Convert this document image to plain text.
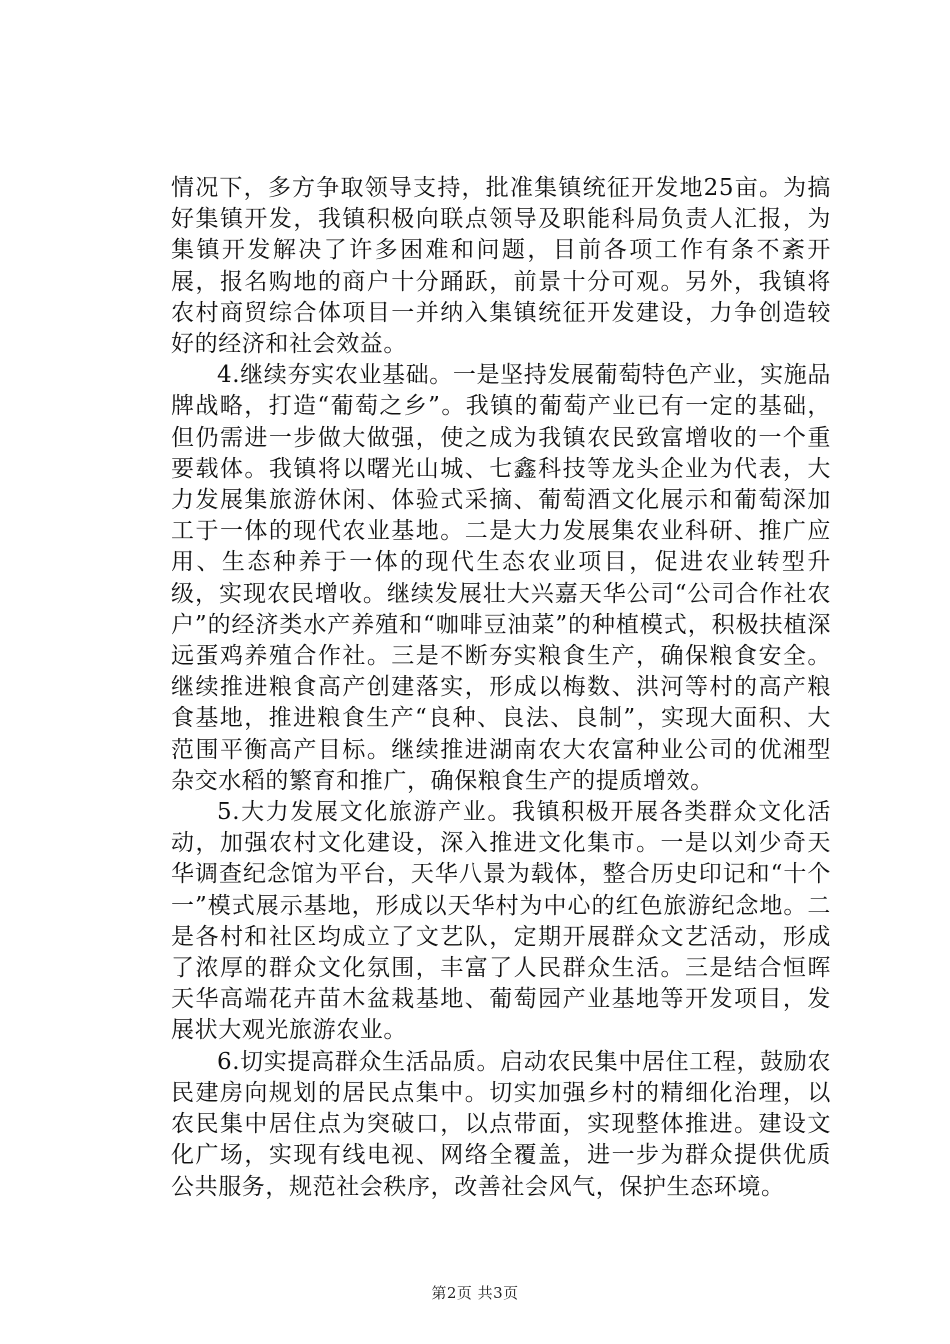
情况下，多方争取领导支持，批准集镇统征开发地25亩。为搞好集镇开发，我镇积极向联点领导及职能科局负责人汇报，为集镇开发解决了许多困难和问题，目前各项工作有条不紊开展，报名购地的商户十分踊跃，前景十分可观。另外，我镇将农村商贸综合体项目一并纳入集镇统征开发建设，力争创造较好的经济和社会效益。

4.继续夯实农业基础。一是坚持发展葡萄特色产业，实施品牌战略，打造“葡萄之乡”。我镇的葡萄产业已有一定的基础，但仍需进一步做大做强，使之成为我镇农民致富增收的一个重要载体。我镇将以曙光山城、七鑫科技等龙头企业为代表，大力发展集旅游休闲、体验式采摘、葡萄酒文化展示和葡萄深加工于一体的现代农业基地。二是大力发展集农业科研、推广应用、生态种养于一体的现代生态农业项目，促进农业转型升级，实现农民增收。继续发展壮大兴嘉天华公司“公司合作社农户”的经济类水产养殖和“咖啡豆油菜”的种植模式，积极扶植深远蛋鸡养殖合作社。三是不断夯实粮食生产，确保粮食安全。继续推进粮食高产创建落实，形成以梅数、洪河等村的高产粮食基地，推进粮食生产“良种、良法、良制”，实现大面积、大范围平衡高产目标。继续推进湖南农大农富种业公司的优湘型杂交水稻的繁育和推广，确保粮食生产的提质增效。

5.大力发展文化旅游产业。我镇积极开展各类群众文化活动，加强农村文化建设，深入推进文化集市。一是以刘少奇天华调查纪念馆为平台，天华八景为载体，整合历史印记和“十个一”模式展示基地，形成以天华村为中心的红色旅游纪念地。二是各村和社区均成立了文艺队，定期开展群众文艺活动，形成了浓厚的群众文化氛围，丰富了人民群众生活。三是结合恒晖天华高端花卉苗木盆栽基地、葡萄园产业基地等开发项目，发展状大观光旅游农业。

6.切实提高群众生活品质。启动农民集中居住工程，鼓励农民建房向规划的居民点集中。切实加强乡村的精细化治理，以农民集中居住点为突破口，以点带面，实现整体推进。建设文化广场，实现有线电视、网络全覆盖，进一步为群众提供优质公共服务，规范社会秩序，改善社会风气，保护生态环境。

第2页 共3页
